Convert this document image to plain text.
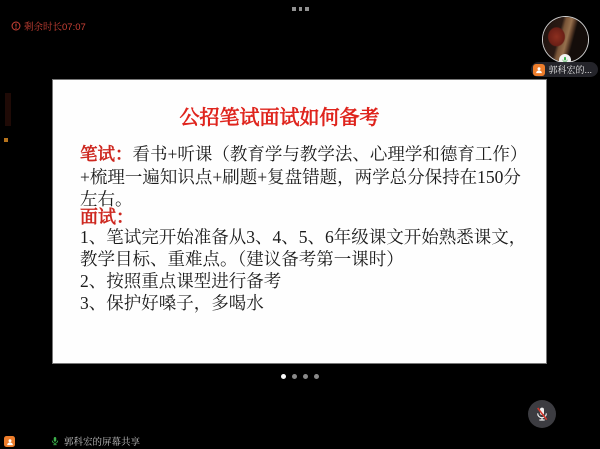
剩余时长07:07
郭科宏的...
公招笔试面试如何备考

笔试：看书+听课（教育学与教学法、心理学和德育工作）+梳理一遍知识点+刷题+复盘错题，两学总分保持在150分左右。

面试：
1、笔试完开始准备从3、4、5、6年级课文开始熟悉课文，教学目标、重难点。（建议备考第一课时）
2、按照重点课型进行备考
3、保护好嗓子，多喝水
郭科宏的屏幕共享
